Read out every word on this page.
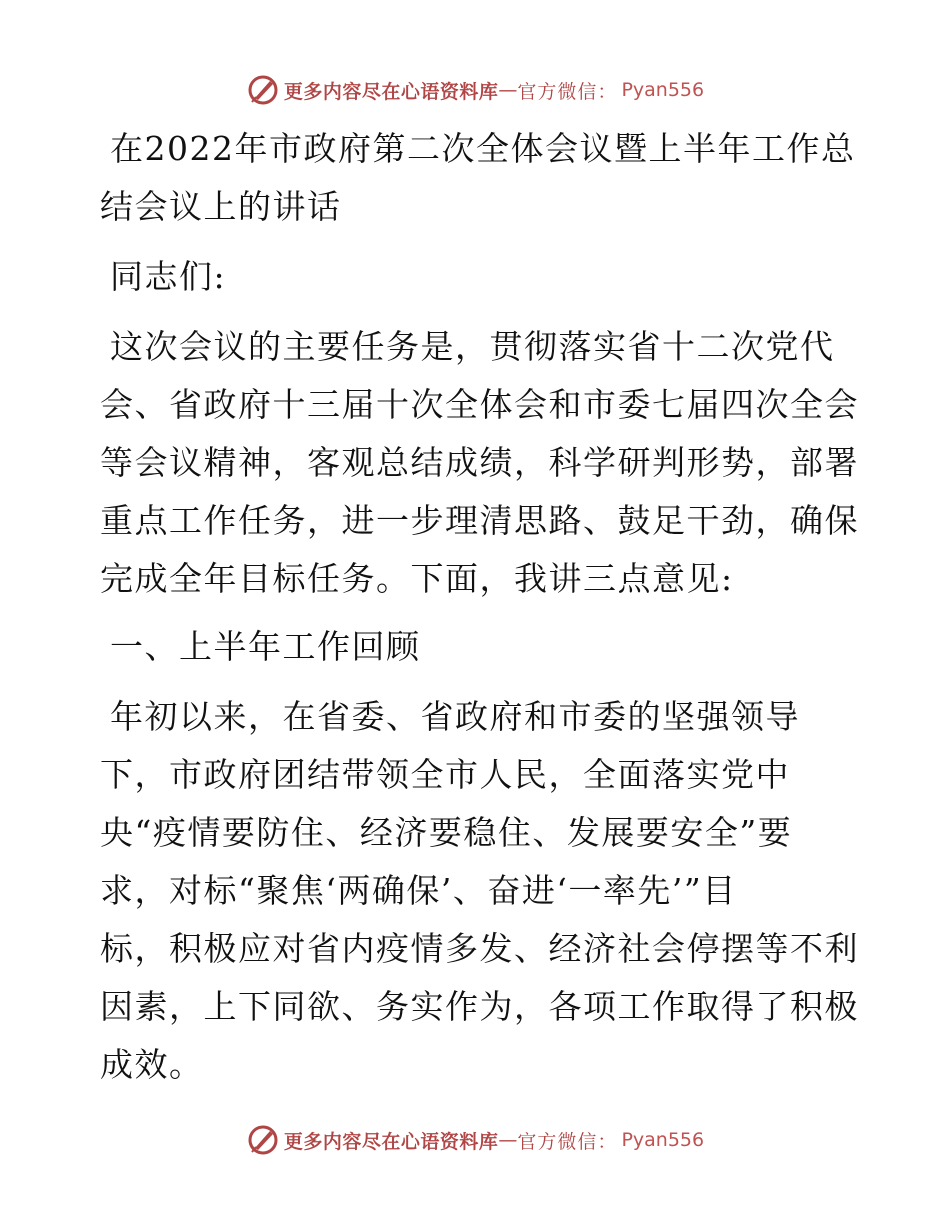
更多内容尽在心语资料库 — 官方微信： Pyan556

在2022年市政府第二次全体会议暨上半年工作总

结会议上的讲话

同志们:

这次会议的主要任务是，贯彻落实省十二次党代

会、省政府十三届十次全体会和市委七届四次全会

等会议精神，客观总结成绩，科学研判形势，部署

重点工作任务，进一步理清思路、鼓足干劲，确保

完成全年目标任务。下面，我讲三点意见:

一、上半年工作回顾

年初以来，在省委、省政府和市委的坚强领导

下，市政府团结带领全市人民，全面落实党中

央“疫情要防住、经济要稳住、发展要安全”要

求，对标“聚焦‘两确保’、奋进‘一率先’”目

标，积极应对省内疫情多发、经济社会停摆等不利

因素，上下同欲、务实作为，各项工作取得了积极

成效。

更多内容尽在心语资料库 — 官方微信： Pyan556
